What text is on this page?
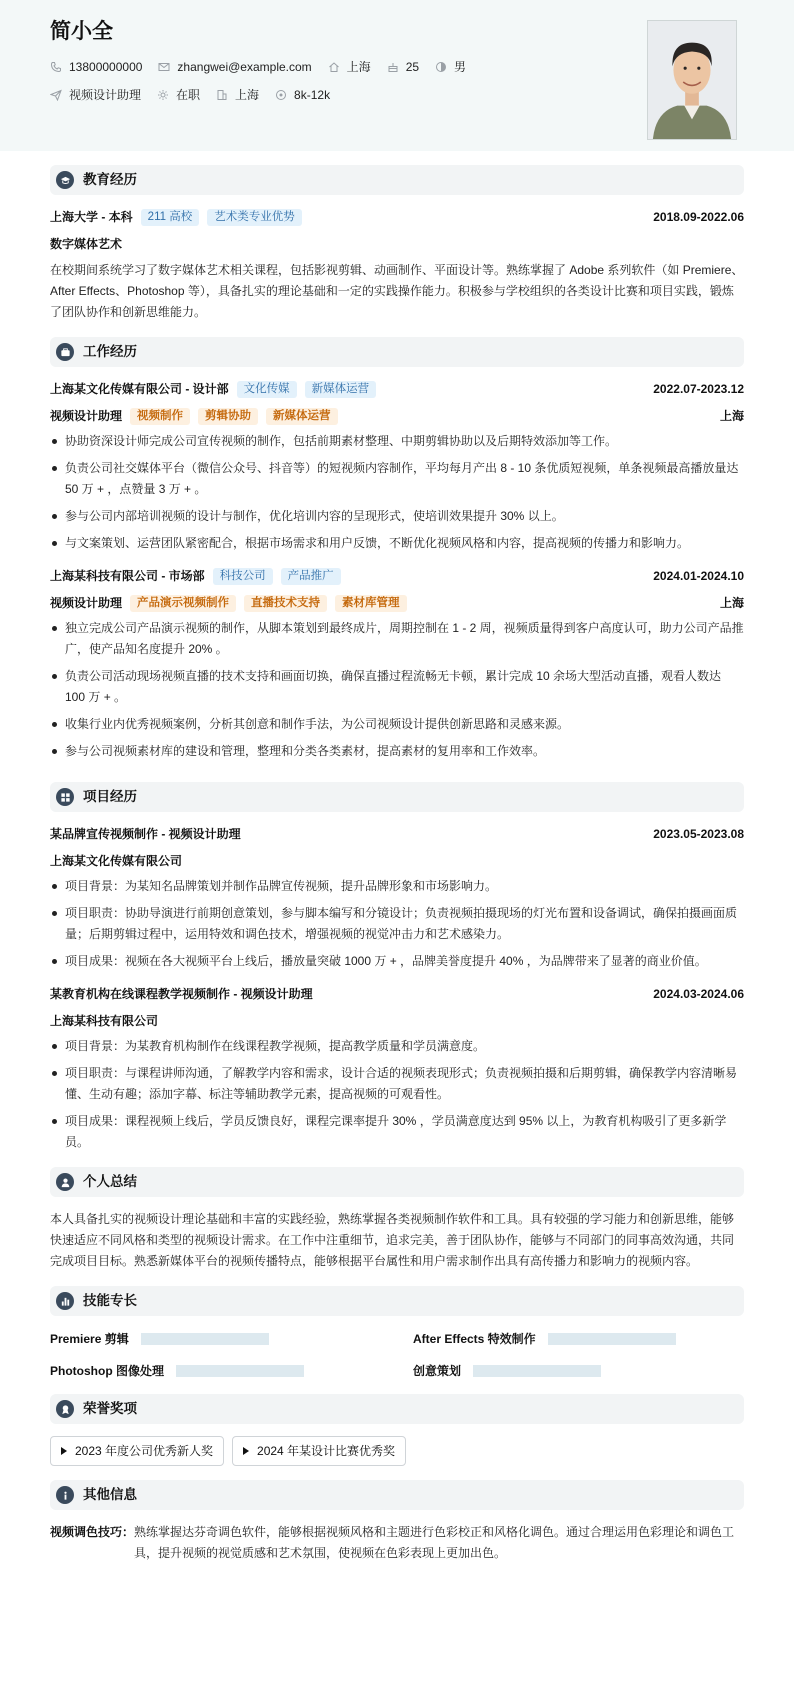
简小全
13800000000	zhangwei@example.com	上海	25	男
视频设计助理	在职	上海	8k-12k
教育经历
上海大学 - 本科	211 高校	艺术类专业优势	2018.09-2022.06
数字媒体艺术
在校期间系统学习了数字媒体艺术相关课程，包括影视剪辑、动画制作、平面设计等。熟练掌握了 Adobe 系列软件（如 Premiere、After Effects、Photoshop 等），具备扎实的理论基础和一定的实践操作能力。积极参与学校组织的各类设计比赛和项目实践，锻炼了团队协作和创新思维能力。
工作经历
上海某文化传媒有限公司 - 设计部	文化传媒	新媒体运营	2022.07-2023.12
视频设计助理	视频制作	剪辑协助	新媒体运营	上海
协助资深设计师完成公司宣传视频的制作，包括前期素材整理、中期剪辑协助以及后期特效添加等工作。
负责公司社交媒体平台（微信公众号、抖音等）的短视频内容制作，平均每月产出 8 - 10 条优质短视频，单条视频最高播放量达 50 万 + ，点赞量 3 万 + 。
参与公司内部培训视频的设计与制作，优化培训内容的呈现形式，使培训效果提升 30% 以上。
与文案策划、运营团队紧密配合，根据市场需求和用户反馈，不断优化视频风格和内容，提高视频的传播力和影响力。
上海某科技有限公司 - 市场部	科技公司	产品推广	2024.01-2024.10
视频设计助理	产品演示视频制作	直播技术支持	素材库管理	上海
独立完成公司产品演示视频的制作，从脚本策划到最终成片，周期控制在 1 - 2 周，视频质量得到客户高度认可，助力公司产品推广，使产品知名度提升 20% 。
负责公司活动现场视频直播的技术支持和画面切换，确保直播过程流畅无卡顿，累计完成 10 余场大型活动直播，观看人数达 100 万 + 。
收集行业内优秀视频案例，分析其创意和制作手法，为公司视频设计提供创新思路和灵感来源。
参与公司视频素材库的建设和管理，整理和分类各类素材，提高素材的复用率和工作效率。
项目经历
某品牌宣传视频制作 - 视频设计助理	2023.05-2023.08
上海某文化传媒有限公司
项目背景：为某知名品牌策划并制作品牌宣传视频，提升品牌形象和市场影响力。
项目职责：协助导演进行前期创意策划，参与脚本编写和分镜设计；负责视频拍摄现场的灯光布置和设备调试，确保拍摄画面质量；后期剪辑过程中，运用特效和调色技术，增强视频的视觉冲击力和艺术感染力。
项目成果：视频在各大视频平台上线后，播放量突破 1000 万 + ，品牌美誉度提升 40% ，为品牌带来了显著的商业价值。
某教育机构在线课程教学视频制作 - 视频设计助理	2024.03-2024.06
上海某科技有限公司
项目背景：为某教育机构制作在线课程教学视频，提高教学质量和学员满意度。
项目职责：与课程讲师沟通，了解教学内容和需求，设计合适的视频表现形式；负责视频拍摄和后期剪辑，确保教学内容清晰易懂、生动有趣；添加字幕、标注等辅助教学元素，提高视频的可观看性。
项目成果：课程视频上线后，学员反馈良好，课程完课率提升 30% ，学员满意度达到 95% 以上，为教育机构吸引了更多新学员。
个人总结
本人具备扎实的视频设计理论基础和丰富的实践经验，熟练掌握各类视频制作软件和工具。具有较强的学习能力和创新思维，能够快速适应不同风格和类型的视频设计需求。在工作中注重细节，追求完美，善于团队协作，能够与不同部门的同事高效沟通，共同完成项目目标。熟悉新媒体平台的视频传播特点，能够根据平台属性和用户需求制作出具有高传播力和影响力的视频内容。
技能专长
Premiere 剪辑	After Effects 特效制作
Photoshop 图像处理	创意策划
荣誉奖项
2023 年度公司优秀新人奖	2024 年某设计比赛优秀奖
其他信息
视频调色技巧： 熟练掌握达芬奇调色软件，能够根据视频风格和主题进行色彩校正和风格化调色。通过合理运用色彩理论和调色工具，提升视频的视觉质感和艺术氛围，使视频在色彩表现上更加出色。
